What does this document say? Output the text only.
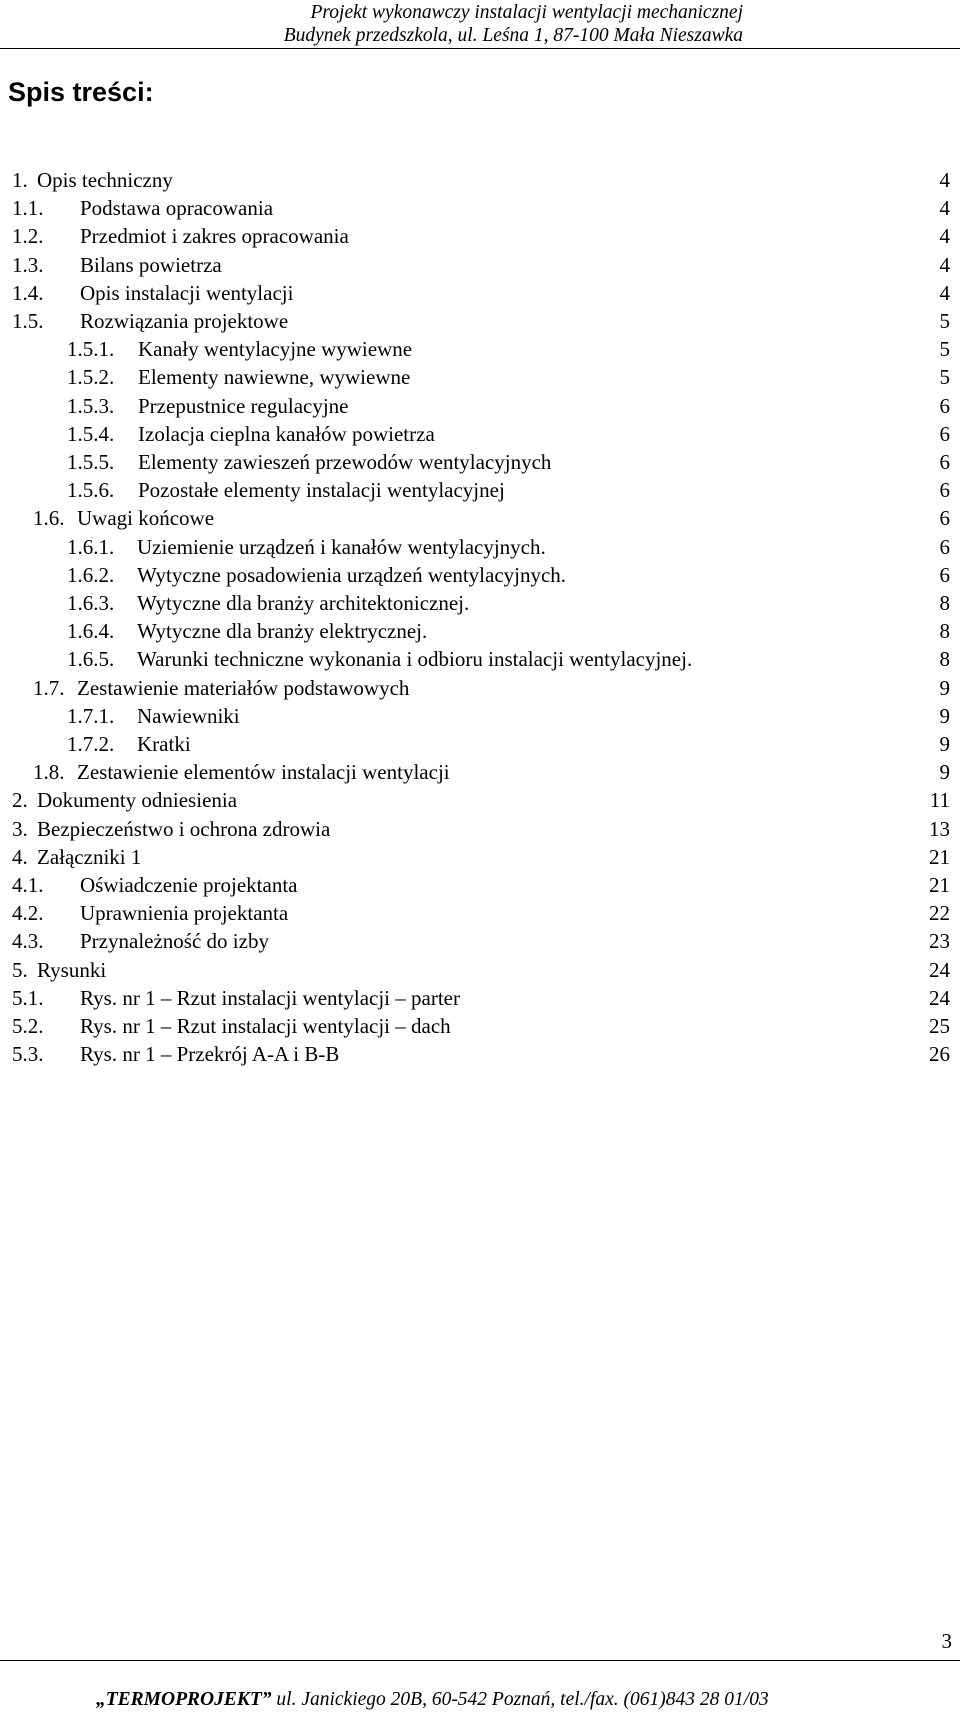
Projekt wykonawczy instalacji wentylacji mechanicznej
Budynek przedszkola, ul. Leśna 1, 87-100 Mała Nieszawka
Spis treści:
1. Opis techniczny	4
1.1. Podstawa opracowania	4
1.2. Przedmiot i zakres opracowania	4
1.3. Bilans powietrza	4
1.4. Opis instalacji wentylacji	4
1.5. Rozwiązania projektowe	5
1.5.1. Kanały wentylacyjne wywiewne	5
1.5.2. Elementy nawiewne, wywiewne	5
1.5.3. Przepustnice regulacyjne	6
1.5.4. Izolacja cieplna kanałów powietrza	6
1.5.5. Elementy zawieszeń przewodów wentylacyjnych	6
1.5.6. Pozostałe elementy instalacji wentylacyjnej	6
1.6. Uwagi końcowe	6
1.6.1. Uziemienie urządzeń i kanałów wentylacyjnych.	6
1.6.2. Wytyczne posadowienia urządzeń wentylacyjnych.	6
1.6.3. Wytyczne dla branży architektonicznej.	8
1.6.4. Wytyczne dla branży elektrycznej.	8
1.6.5. Warunki techniczne wykonania i odbioru instalacji wentylacyjnej.	8
1.7. Zestawienie materiałów podstawowych	9
1.7.1. Nawiewniki	9
1.7.2. Kratki	9
1.8. Zestawienie elementów instalacji wentylacji	9
2. Dokumenty odniesienia	11
3. Bezpieczeństwo i ochrona zdrowia	13
4. Załączniki 1	21
4.1. Oświadczenie projektanta	21
4.2. Uprawnienia projektanta	22
4.3. Przynależność do izby	23
5. Rysunki	24
5.1. Rys. nr 1 – Rzut instalacji wentylacji – parter	24
5.2. Rys. nr 1 – Rzut instalacji wentylacji – dach	25
5.3. Rys. nr 1 – Przekrój A-A i B-B	26
3
„TERMOPROJEKT” ul. Janickiego 20B, 60-542 Poznań, tel./fax. (061)843 28 01/03
